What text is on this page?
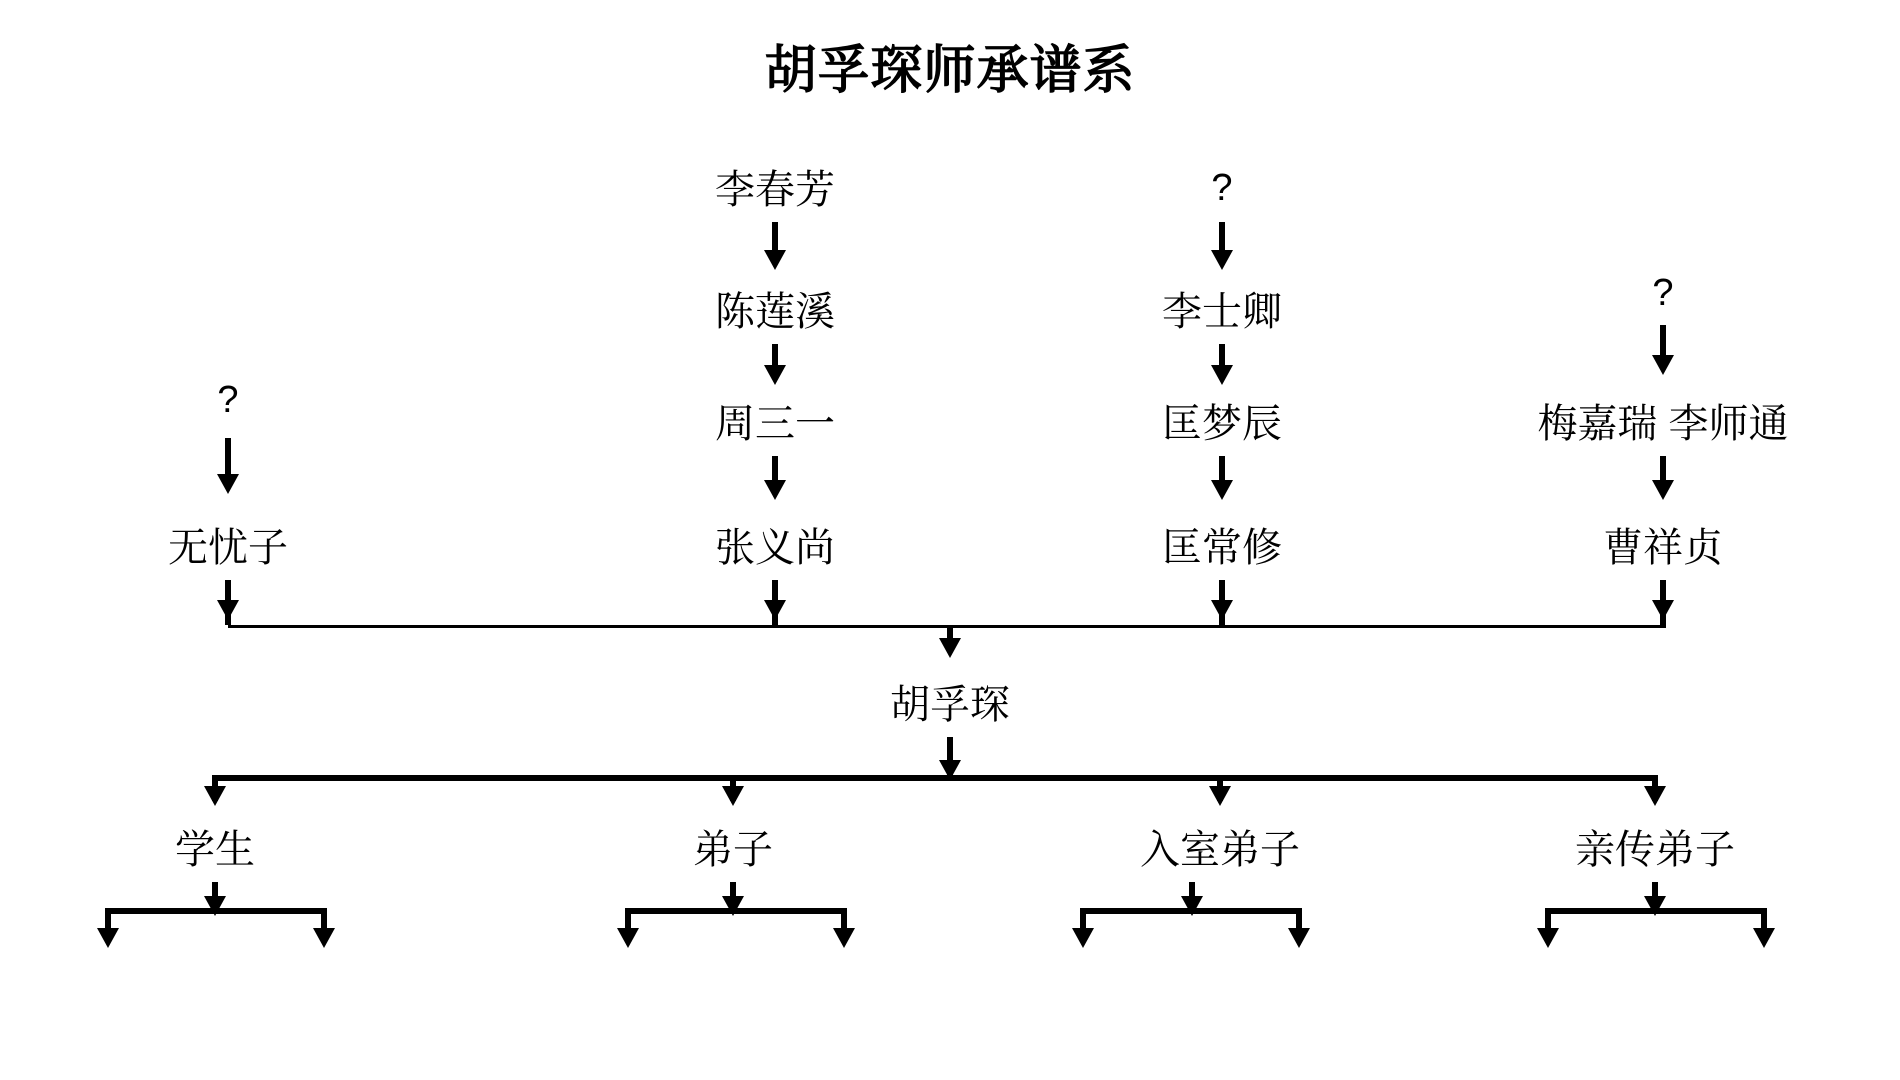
胡孚琛师承谱系
?
无忧子
李春芳
陈莲溪
周三一
张义尚
?
李士卿
匡梦辰
匡常修
?
梅嘉瑞 李师通
曹祥贞
胡孚琛
学生	弟子	入室弟子	亲传弟子
